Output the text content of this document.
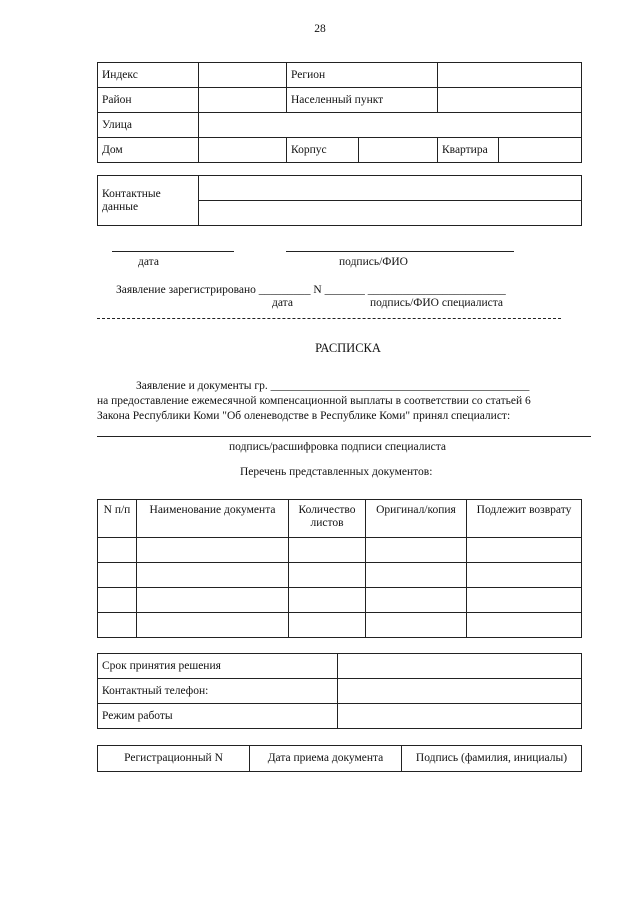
28
Индекс		Регион			
Район		Населенный пункт			
Улица					
Дом		Корпус		Квартира	
Контактные данные	

дата	подпись/ФИО
Заявление зарегистрировано _________ N _______ ________________________
дата	подпись/ФИО специалиста
РАСПИСКА
Заявление и документы гр. _____________________________________________
на предоставление ежемесячной компенсационной выплаты в соответствии со статьей 6
Закона Республики Коми "Об оленеводстве в Республике Коми" принял специалист:
подпись/расшифровка подписи специалиста
Перечень представленных документов:
N п/п	Наименование документа	Количество листов	Оригинал/копия	Подлежит возврату

Срок принятия решения	
Контактный телефон:	
Режим работы	
Регистрационный N	Дата приема документа	Подпись (фамилия, инициалы)
